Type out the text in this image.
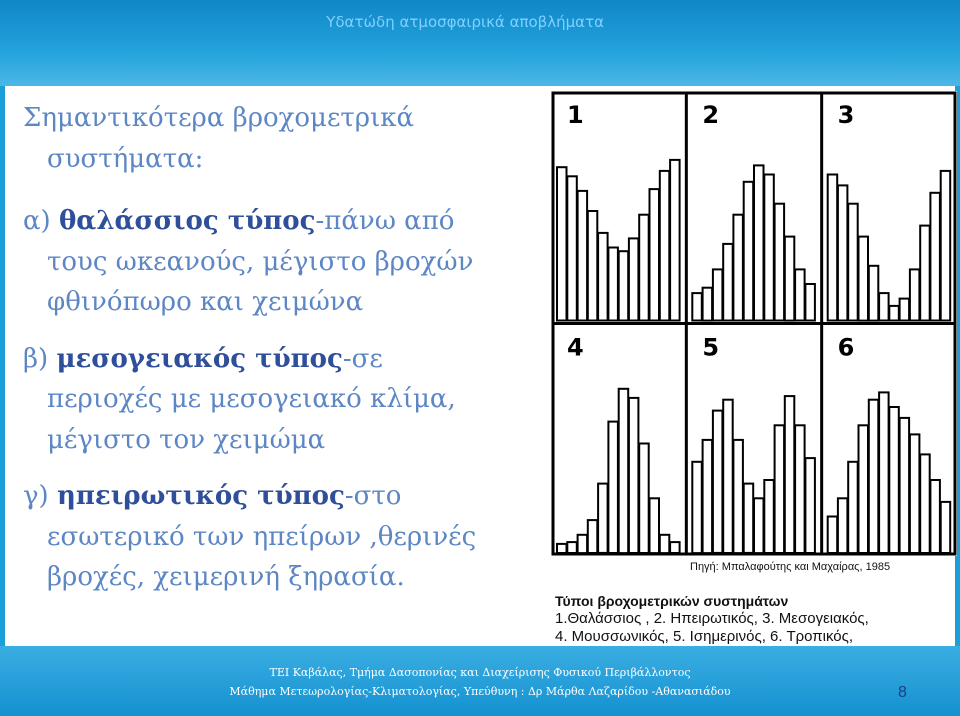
Υδατώδη ατμοσφαιρικά αποβλήματα

Σημαντικότερα βροχομετρικά

συστήματα:

α) θαλάσσιος τύπος-πάνω από
τους ωκεανούς, μέγιστο βροχών
φθινόπωρο και χειμώνα

β) μεσογειακός τύπος-σε
περιοχές με μεσογειακό κλίμα,
μέγιστο τον χειμώμα

γ) ηπειρωτικός τύπος-στο
εσωτερικό των ηπείρων ,θερινές
βροχές, χειμερινή ξηρασία.

1	2	3
4	5	6
Πηγή: Μπαλαφούτης και Μαχαίρας, 1985
Τύποι βροχομετρικών συστημάτων
1.Θαλάσσιος , 2. Ηπειρωτικός, 3. Μεσογειακός,
4. Μουσσωνικός, 5. Ισημερινός, 6. Τροπικός,
ΤΕΙ Καβάλας, Τμήμα Δασοπονίας και Διαχείρισης Φυσικού Περιβάλλοντος
Μάθημα Μετεωρολογίας-Κλιματολογίας, Υπεύθυνη : Δρ Μάρθα Λαζαρίδου -Αθανασιάδου	8
